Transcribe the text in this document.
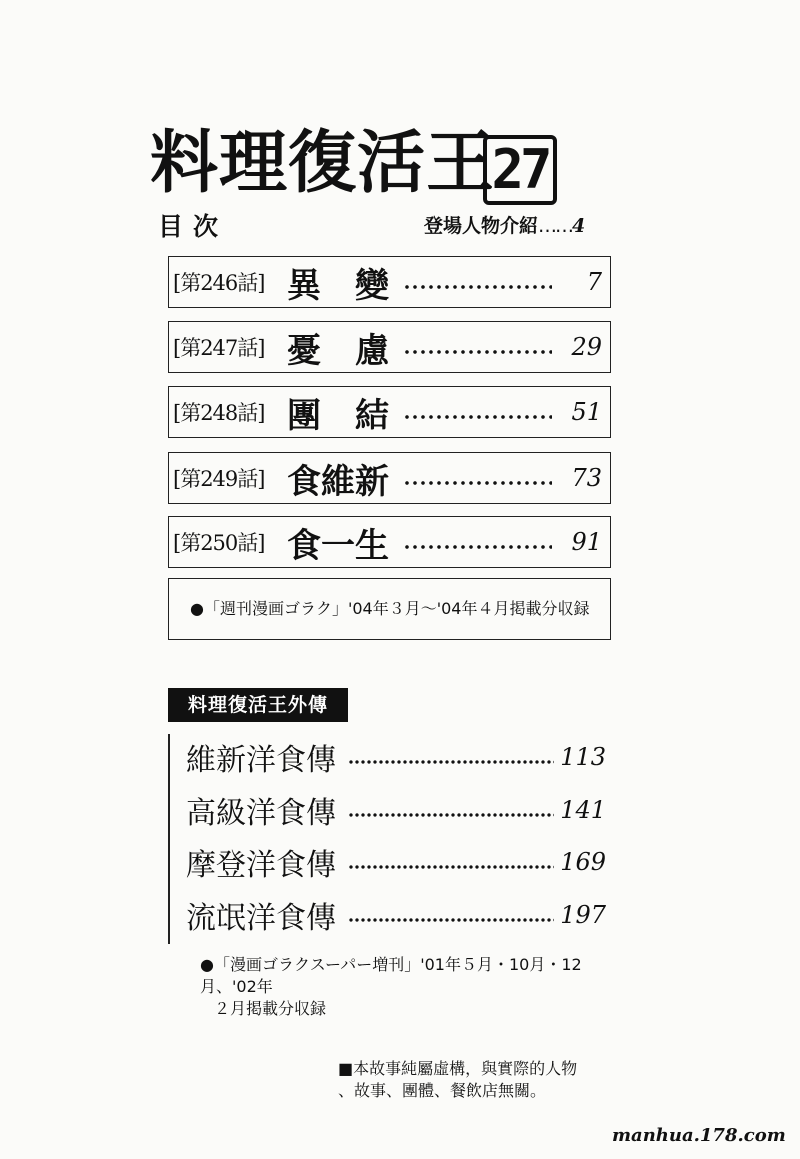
料理復活王
27
目次	登場人物介紹……4
[第246話] 異　變	7
[第247話] 憂　慮	29
[第248話] 團　結	51
[第249話] 食維新	73
[第250話] 食一生	91
●「週刊漫画ゴラク」'04年３月〜'04年４月掲載分収録
料理復活王外傳
維新洋食傳	113
高級洋食傳	141
摩登洋食傳	169
流氓洋食傳	197
●「漫画ゴラクスーパー増刊」'01年５月・10月・12月、'02年
２月掲載分収録
■本故事純屬虛構，與實際的人物
、故事、團體、餐飲店無關。
manhua.178.com
